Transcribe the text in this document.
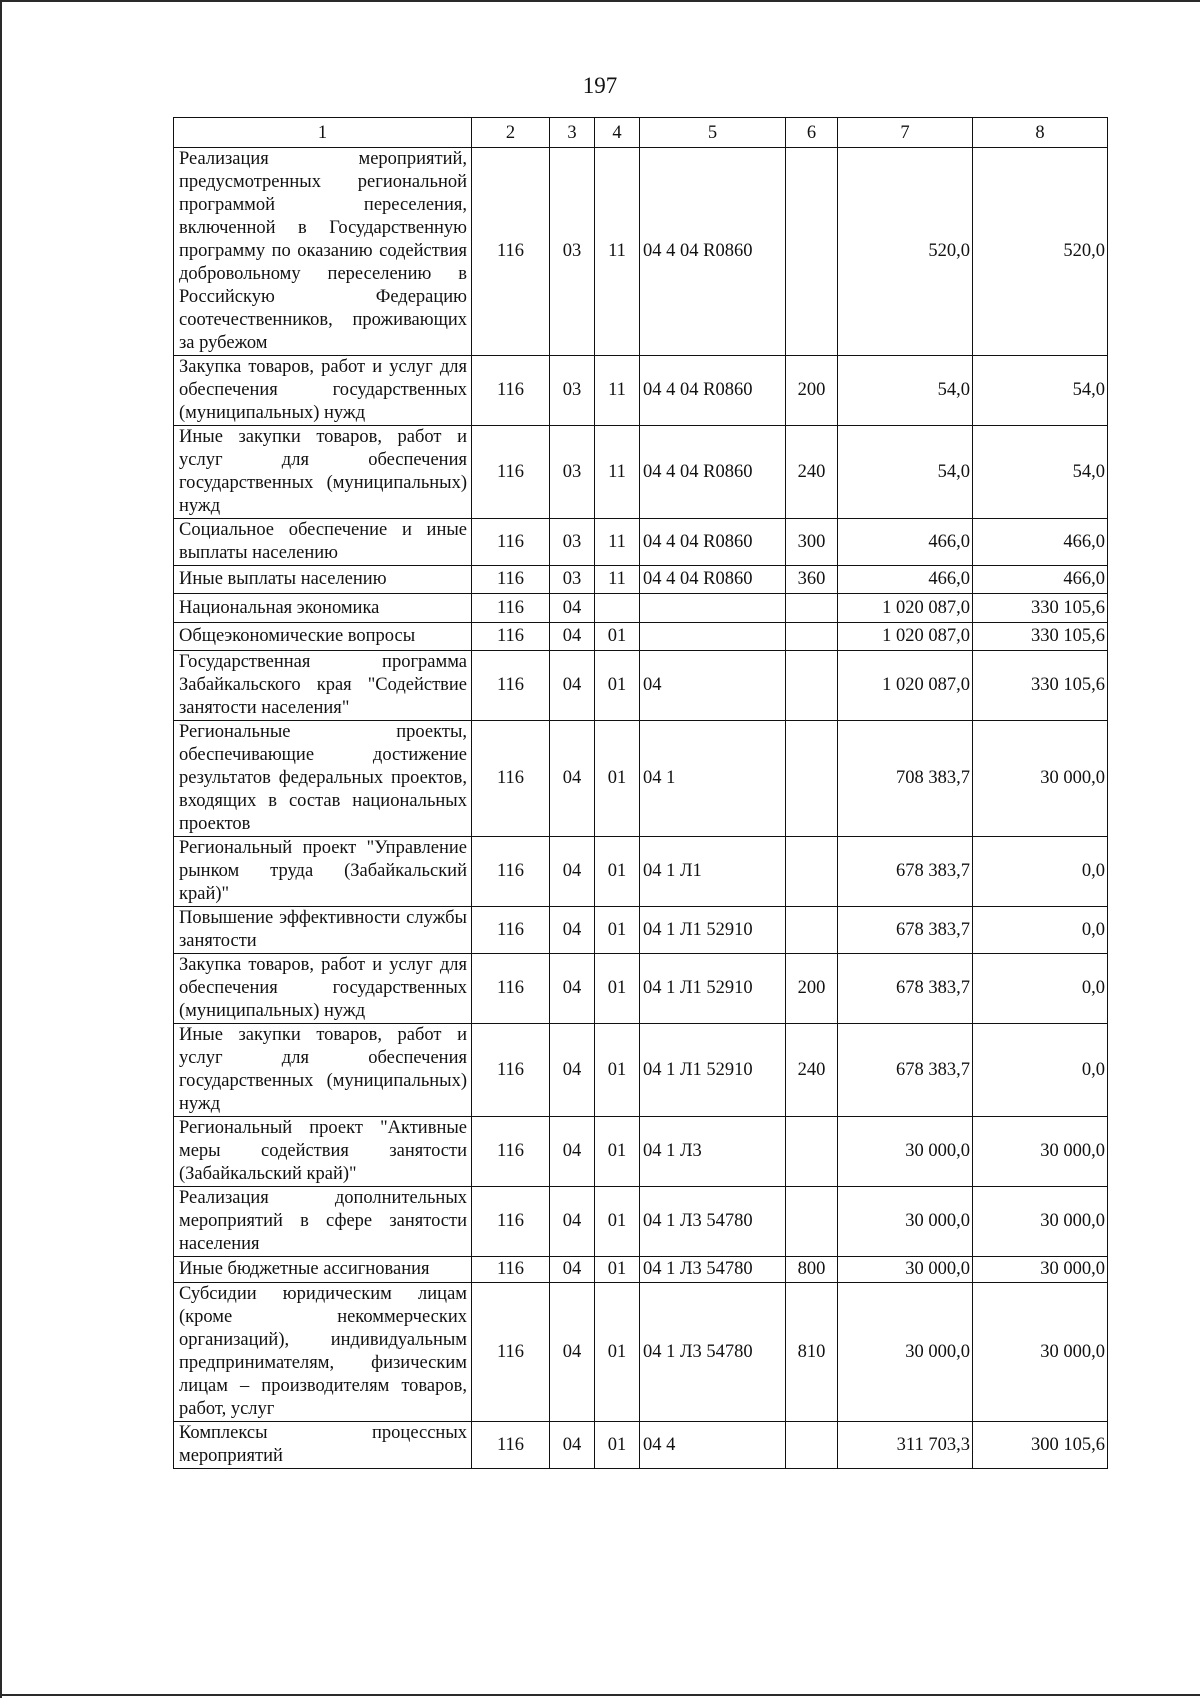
197
1	2	3	4	5	6	7	8
Реализация мероприятий, предусмотренных региональной программой переселения, включенной в Государственную программу по оказанию содействия добровольному переселению в Российскую Федерацию соотечественников, проживающих за рубежом	116	03	11	04 4 04 R0860		520,0	520,0
Закупка товаров, работ и услуг для обеспечения государственных (муниципальных) нужд	116	03	11	04 4 04 R0860	200	54,0	54,0
Иные закупки товаров, работ и услуг для обеспечения государственных (муниципальных) нужд	116	03	11	04 4 04 R0860	240	54,0	54,0
Социальное обеспечение и иные выплаты населению	116	03	11	04 4 04 R0860	300	466,0	466,0
Иные выплаты населению	116	03	11	04 4 04 R0860	360	466,0	466,0
Национальная экономика	116	04				1 020 087,0	330 105,6
Общеэкономические вопросы	116	04	01			1 020 087,0	330 105,6
Государственная программа Забайкальского края "Содействие занятости населения"	116	04	01	04		1 020 087,0	330 105,6
Региональные проекты, обеспечивающие достижение результатов федеральных проектов, входящих в состав национальных проектов	116	04	01	04 1		708 383,7	30 000,0
Региональный проект "Управление рынком труда (Забайкальский край)"	116	04	01	04 1 Л1		678 383,7	0,0
Повышение эффективности службы занятости	116	04	01	04 1 Л1 52910		678 383,7	0,0
Закупка товаров, работ и услуг для обеспечения государственных (муниципальных) нужд	116	04	01	04 1 Л1 52910	200	678 383,7	0,0
Иные закупки товаров, работ и услуг для обеспечения государственных (муниципальных) нужд	116	04	01	04 1 Л1 52910	240	678 383,7	0,0
Региональный проект "Активные меры содействия занятости (Забайкальский край)"	116	04	01	04 1 Л3		30 000,0	30 000,0
Реализация дополнительных мероприятий в сфере занятости населения	116	04	01	04 1 Л3 54780		30 000,0	30 000,0
Иные бюджетные ассигнования	116	04	01	04 1 Л3 54780	800	30 000,0	30 000,0
Субсидии юридическим лицам (кроме некоммерческих организаций), индивидуальным предпринимателям, физическим лицам – производителям товаров, работ, услуг	116	04	01	04 1 Л3 54780	810	30 000,0	30 000,0
Комплексы процессных мероприятий	116	04	01	04 4		311 703,3	300 105,6
